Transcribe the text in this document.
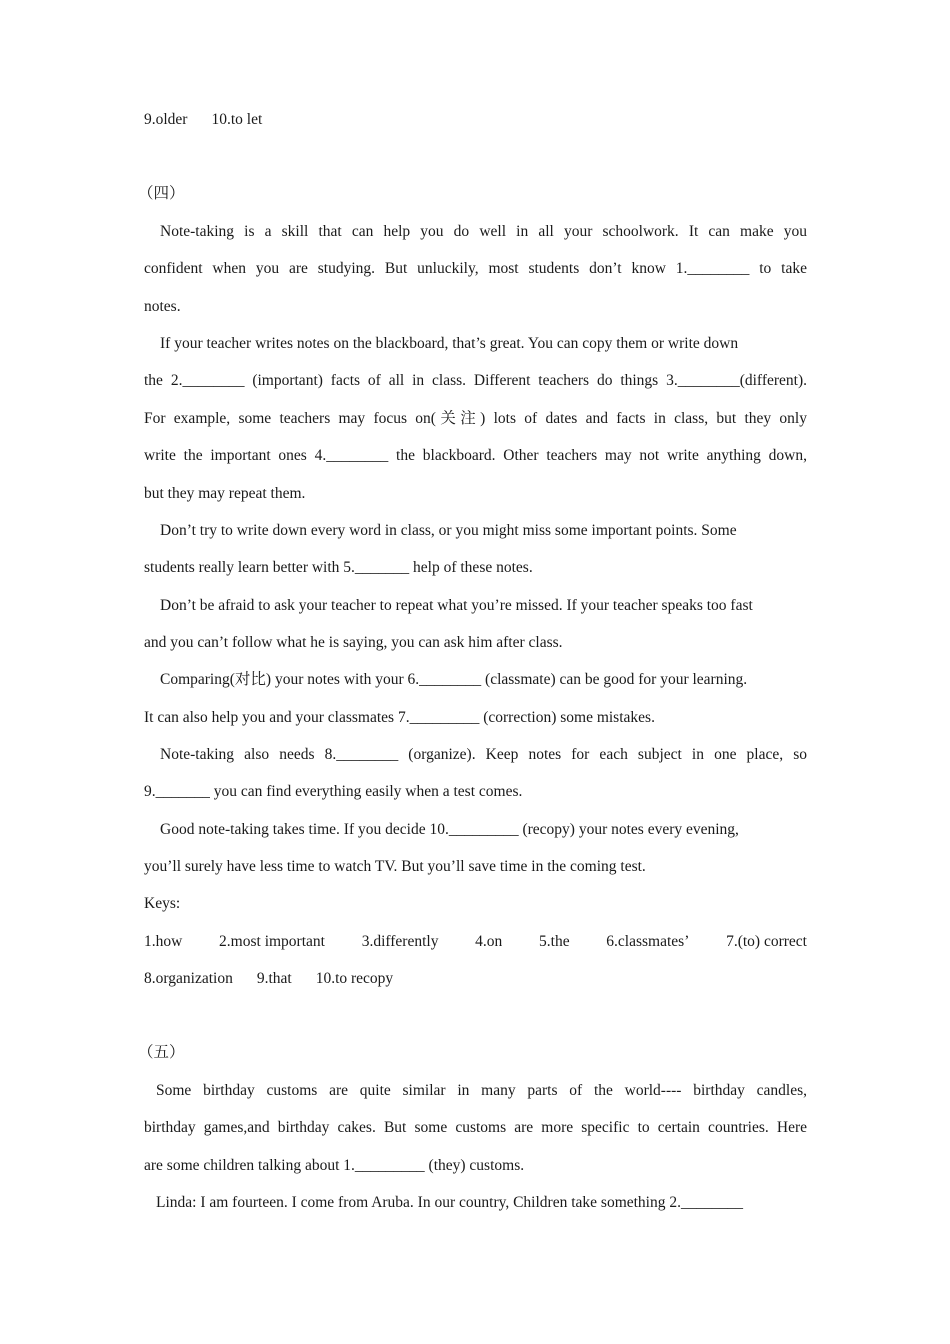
9.older 10.to let
（四）
Note-taking is a skill that can help you do well in all your schoolwork. It can make you
confident when you are studying. But unluckily, most students don’t know 1.________ to take
notes.
If your teacher writes notes on the blackboard, that’s great. You can copy them or write down
the 2.________ (important) facts of all in class. Different teachers do things 3.________(different).
For example, some teachers may focus on(关注) lots of dates and facts in class, but they only
write the important ones 4.________ the blackboard. Other teachers may not write anything down,
but they may repeat them.
Don’t try to write down every word in class, or you might miss some important points. Some
students really learn better with 5._______ help of these notes.
Don’t be afraid to ask your teacher to repeat what you’re missed. If your teacher speaks too fast
and you can’t follow what he is saying, you can ask him after class.
Comparing(对比) your notes with your 6.________ (classmate) can be good for your learning.
It can also help you and your classmates 7._________ (correction) some mistakes.
Note-taking also needs 8.________ (organize). Keep notes for each subject in one place, so
9._______ you can find everything easily when a test comes.
Good note-taking takes time. If you decide 10._________ (recopy) your notes every evening,
you’ll surely have less time to watch TV. But you’ll save time in the coming test.
Keys:
1.how 2.most important 3.differently 4.on 5.the 6.classmates’ 7.(to) correct
8.organization 9.that 10.to recopy
（五）
Some birthday customs are quite similar in many parts of the world---- birthday candles,
birthday games,and birthday cakes. But some customs are more specific to certain countries. Here
are some children talking about 1._________ (they) customs.
Linda: I am fourteen. I come from Aruba. In our country, Children take something 2.________
